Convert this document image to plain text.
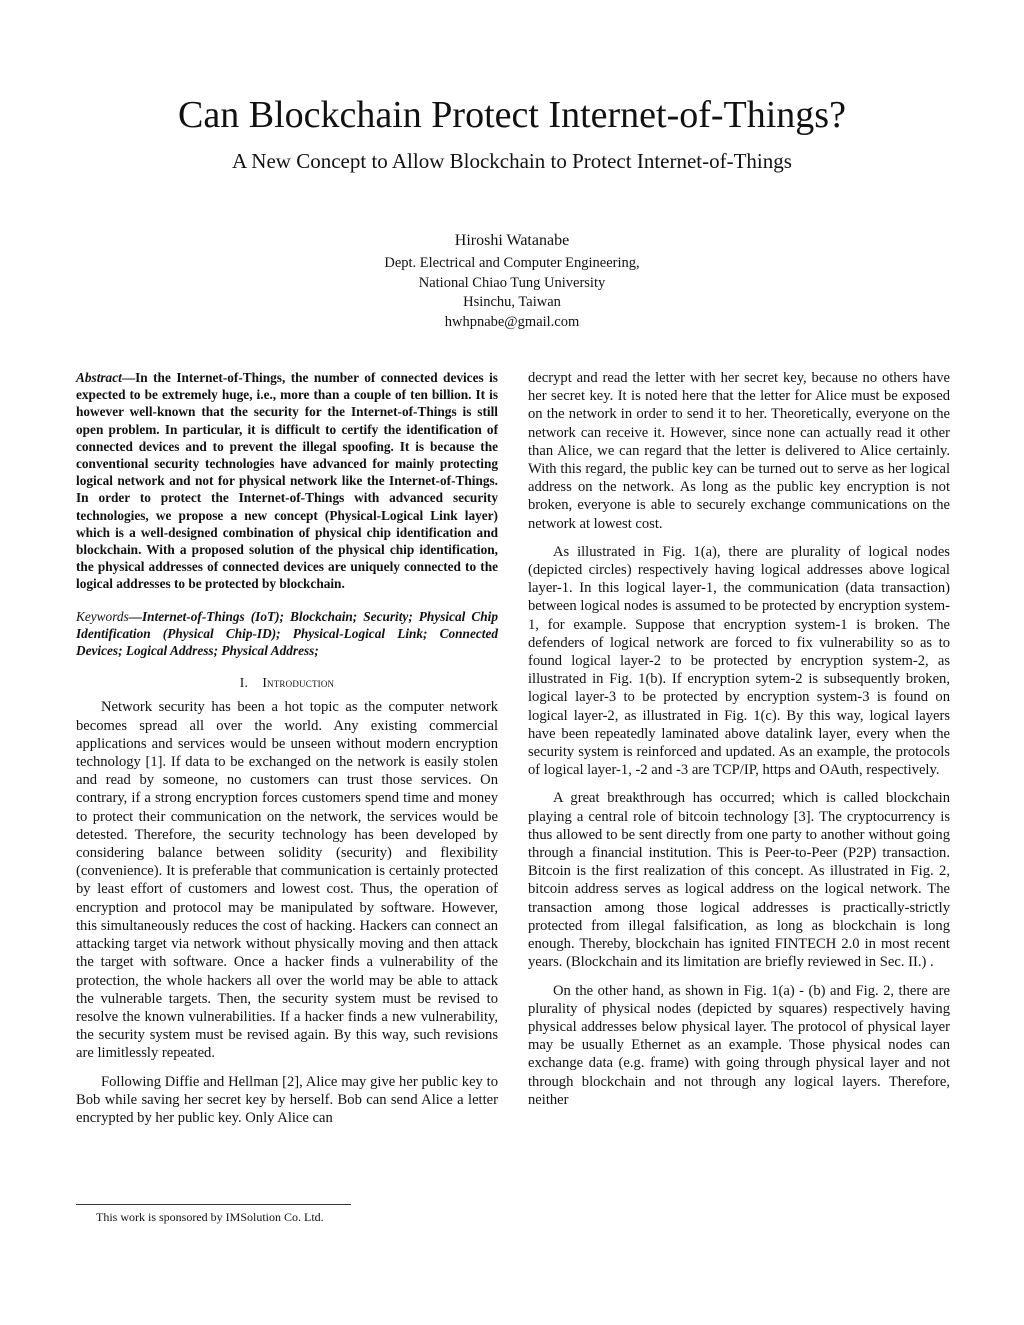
Can Blockchain Protect Internet-of-Things?
A New Concept to Allow Blockchain to Protect Internet-of-Things
Hiroshi Watanabe
Dept. Electrical and Computer Engineering,
National Chiao Tung University
Hsinchu, Taiwan
hwhpnabe@gmail.com

Abstract—In the Internet-of-Things, the number of connected devices is expected to be extremely huge, i.e., more than a couple of ten billion. It is however well-known that the security for the Internet-of-Things is still open problem. In particular, it is difficult to certify the identification of connected devices and to prevent the illegal spoofing. It is because the conventional security technologies have advanced for mainly protecting logical network and not for physical network like the Internet-of-Things. In order to protect the Internet-of-Things with advanced security technologies, we propose a new concept (Physical-Logical Link layer) which is a well-designed combination of physical chip identification and blockchain. With a proposed solution of the physical chip identification, the physical addresses of connected devices are uniquely connected to the logical addresses to be protected by blockchain.

Keywords—Internet-of-Things (IoT); Blockchain; Security; Physical Chip Identification (Physical Chip-ID); Physical-Logical Link; Connected Devices; Logical Address; Physical Address;

I. Introduction

Network security has been a hot topic as the computer network becomes spread all over the world. Any existing commercial applications and services would be unseen without modern encryption technology [1]. If data to be exchanged on the network is easily stolen and read by someone, no customers can trust those services. On contrary, if a strong encryption forces customers spend time and money to protect their communication on the network, the services would be detested. Therefore, the security technology has been developed by considering balance between solidity (security) and flexibility (convenience). It is preferable that communication is certainly protected by least effort of customers and lowest cost. Thus, the operation of encryption and protocol may be manipulated by software. However, this simultaneously reduces the cost of hacking. Hackers can connect an attacking target via network without physically moving and then attack the target with software. Once a hacker finds a vulnerability of the protection, the whole hackers all over the world may be able to attack the vulnerable targets. Then, the security system must be revised to resolve the known vulnerabilities. If a hacker finds a new vulnerability, the security system must be revised again. By this way, such revisions are limitlessly repeated.

Following Diffie and Hellman [2], Alice may give her public key to Bob while saving her secret key by herself. Bob can send Alice a letter encrypted by her public key. Only Alice can

decrypt and read the letter with her secret key, because no others have her secret key. It is noted here that the letter for Alice must be exposed on the network in order to send it to her. Theoretically, everyone on the network can receive it. However, since none can actually read it other than Alice, we can regard that the letter is delivered to Alice certainly. With this regard, the public key can be turned out to serve as her logical address on the network. As long as the public key encryption is not broken, everyone is able to securely exchange communications on the network at lowest cost.

As illustrated in Fig. 1(a), there are plurality of logical nodes (depicted circles) respectively having logical addresses above logical layer-1. In this logical layer-1, the communication (data transaction) between logical nodes is assumed to be protected by encryption system-1, for example. Suppose that encryption system-1 is broken. The defenders of logical network are forced to fix vulnerability so as to found logical layer-2 to be protected by encryption system-2, as illustrated in Fig. 1(b). If encryption sytem-2 is subsequently broken, logical layer-3 to be protected by encryption system-3 is found on logical layer-2, as illustrated in Fig. 1(c). By this way, logical layers have been repeatedly laminated above datalink layer, every when the security system is reinforced and updated. As an example, the protocols of logical layer-1, -2 and -3 are TCP/IP, https and OAuth, respectively.

A great breakthrough has occurred; which is called blockchain playing a central role of bitcoin technology [3]. The cryptocurrency is thus allowed to be sent directly from one party to another without going through a financial institution. This is Peer-to-Peer (P2P) transaction. Bitcoin is the first realization of this concept. As illustrated in Fig. 2, bitcoin address serves as logical address on the logical network. The transaction among those logical addresses is practically-strictly protected from illegal falsification, as long as blockchain is long enough. Thereby, blockchain has ignited FINTECH 2.0 in most recent years. (Blockchain and its limitation are briefly reviewed in Sec. II.) .

On the other hand, as shown in Fig. 1(a) - (b) and Fig. 2, there are plurality of physical nodes (depicted by squares) respectively having physical addresses below physical layer. The protocol of physical layer may be usually Ethernet as an example. Those physical nodes can exchange data (e.g. frame) with going through physical layer and not through blockchain and not through any logical layers. Therefore, neither

This work is sponsored by IMSolution Co. Ltd.
